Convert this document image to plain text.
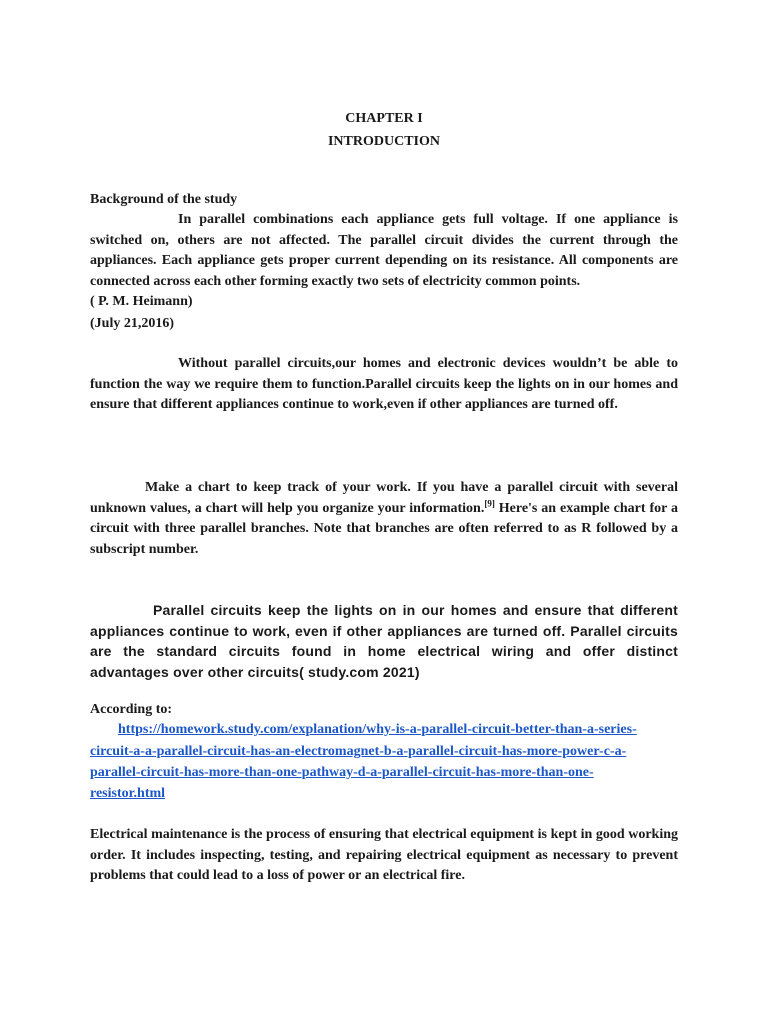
CHAPTER I
INTRODUCTION
Background of the study

In parallel combinations each appliance gets full voltage. If one appliance is switched on, others are not affected. The parallel circuit divides the current through the appliances. Each appliance gets proper current depending on its resistance. All components are connected across each other forming exactly two sets of electricity common points.

( P. M. Heimann)
(July 21,2016)

Without parallel circuits,our homes and electronic devices wouldn’t be able to function the way we require them to function.Parallel circuits keep the lights on in our homes and ensure that different appliances continue to work,even if other appliances are turned off.

Make a chart to keep track of your work. If you have a parallel circuit with several unknown values, a chart will help you organize your information.[9] Here's an example chart for a circuit with three parallel branches. Note that branches are often referred to as R followed by a subscript number.

Parallel circuits keep the lights on in our homes and ensure that different appliances continue to work, even if other appliances are turned off. Parallel circuits are the standard circuits found in home electrical wiring and offer distinct advantages over other circuits( study.com 2021)

According to:
https://homework.study.com/explanation/why-is-a-parallel-circuit-better-than-a-series-
circuit-a-a-parallel-circuit-has-an-electromagnet-b-a-parallel-circuit-has-more-power-c-a-
parallel-circuit-has-more-than-one-pathway-d-a-parallel-circuit-has-more-than-one-
resistor.html

Electrical maintenance is the process of ensuring that electrical equipment is kept in good working order. It includes inspecting, testing, and repairing electrical equipment as necessary to prevent problems that could lead to a loss of power or an electrical fire.
